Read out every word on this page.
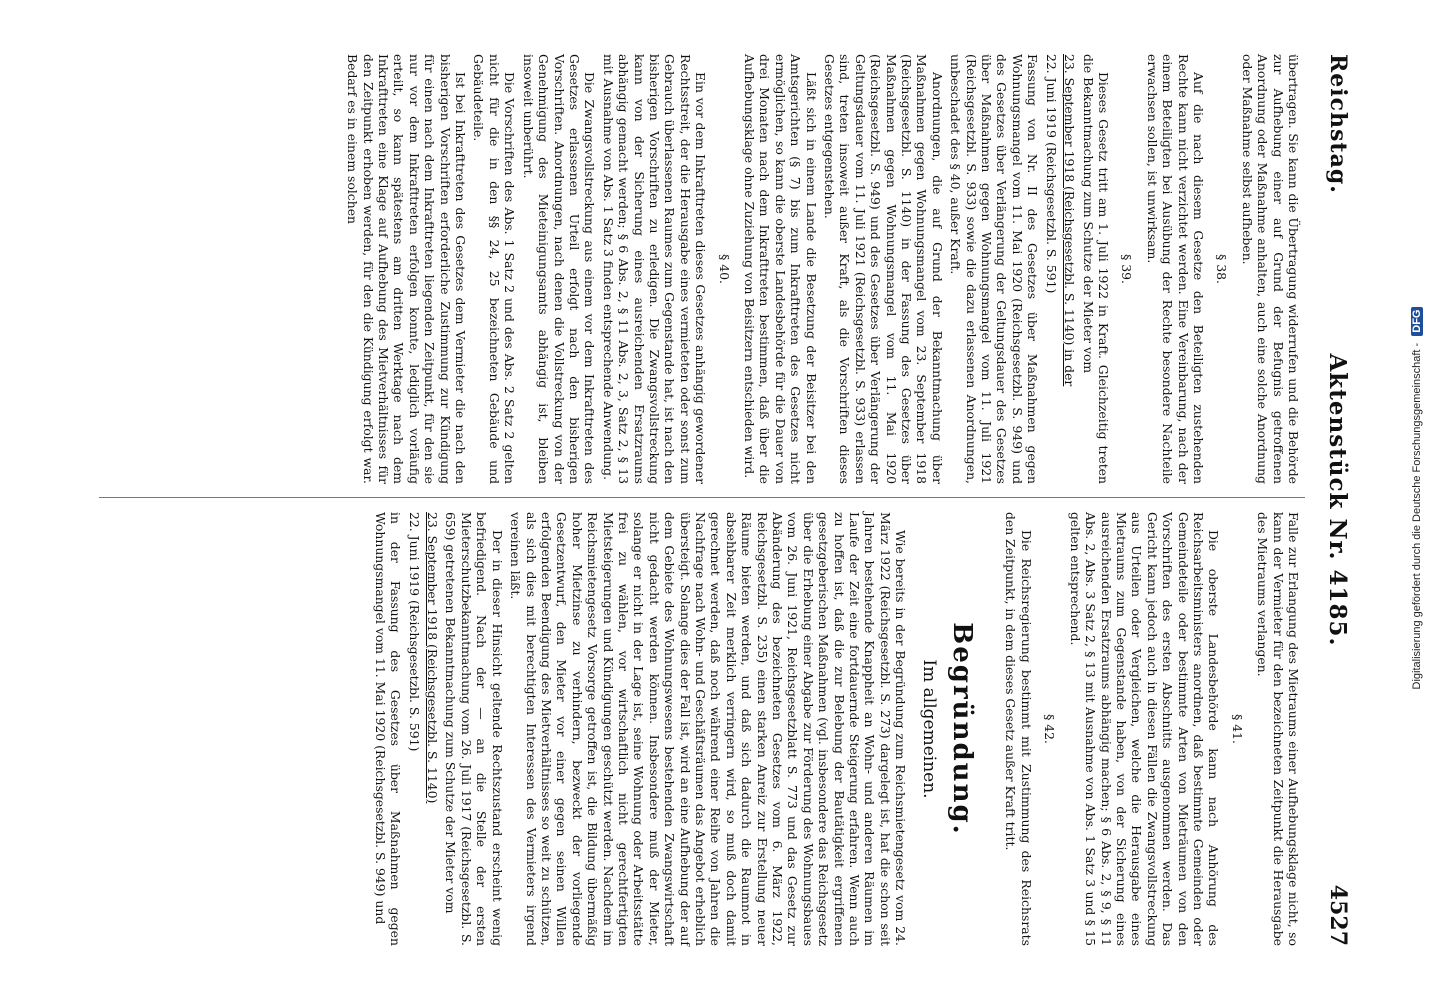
Reichstag.
Aktenstück Nr. 4185.
4527

übertragen. Sie kann die Übertragung widerrufen und die Behörde zur Aufhebung einer auf Grund der Befugnis getroffenen Anordnung oder Maßnahme anhalten, auch eine solche Anordnung oder Maßnahme selbst aufheben.

§ 38.

Auf die nach diesem Gesetze den Beteiligten zustehenden Rechte kann nicht verzichtet werden. Eine Vereinbarung, nach der einem Beteiligten bei Ausübung der Rechte besondere Nachteile erwachsen sollen, ist unwirksam.

§ 39.

Dieses Gesetz tritt am 1. Juli 1922 in Kraft. Gleichzeitig treten die Bekanntmachung zum Schutze der Mieter vom

23. September 1918 (Reichsgesetzbl. S. 1140) in der

22. Juni 1919 (Reichsgesetzbl. S. 591)

Fassung von Nr. II des Gesetzes über Maßnahmen gegen Wohnungsmangel vom 11. Mai 1920 (Reichsgesetzbl. S. 949) und des Gesetzes über Verlängerung der Geltungsdauer des Gesetzes über Maßnahmen gegen Wohnungsmangel vom 11. Juli 1921 (Reichsgesetzbl. S. 933) sowie die dazu erlassenen Anordnungen, unbeschadet des § 40, außer Kraft.

Anordnungen, die auf Grund der Bekanntmachung über Maßnahmen gegen Wohnungsmangel vom 23. September 1918 (Reichsgesetzbl. S. 1140) in der Fassung des Gesetzes über Maßnahmen gegen Wohnungsmangel vom 11. Mai 1920 (Reichsgesetzbl. S. 949) und des Gesetzes über Verlängerung der Geltungsdauer vom 11. Juli 1921 (Reichsgesetzbl. S. 933) erlassen sind, treten insoweit außer Kraft, als die Vorschriften dieses Gesetzes entgegenstehen.

Läßt sich in einem Lande die Besetzung der Beisitzer bei den Amtsgerichten (§ 7) bis zum Inkrafttreten des Gesetzes nicht ermöglichen, so kann die oberste Landesbehörde für die Dauer von drei Monaten nach dem Inkrafttreten bestimmen, daß über die Aufhebungsklage ohne Zuziehung von Beisitzern entschieden wird.

§ 40.

Ein vor dem Inkrafttreten dieses Gesetzes anhängig gewordener Rechtsstreit, der die Herausgabe eines vermieteten oder sonst zum Gebrauch überlassenen Raumes zum Gegenstande hat, ist nach den bisherigen Vorschriften zu erledigen. Die Zwangsvollstreckung kann von der Sicherung eines ausreichenden Ersatzraums abhängig gemacht werden; § 6 Abs. 2, § 11 Abs. 2, 3, Satz 2, § 13 mit Ausnahme von Abs. 1 Satz 3 finden entsprechende Anwendung.

Die Zwangsvollstreckung aus einem vor dem Inkrafttreten des Gesetzes erlassenen Urteil erfolgt nach den bisherigen Vorschriften. Anordnungen, nach denen die Vollstreckung von der Genehmigung des Mieteinigungsamts abhängig ist, bleiben insoweit unberührt.

Die Vorschriften des Abs. 1 Satz 2 und des Abs. 2 Satz 2 gelten nicht für die in den §§ 24, 25 bezeichneten Gebäude und Gebäudeteile.

Ist bei Inkrafttreten des Gesetzes dem Vermieter die nach den bisherigen Vorschriften erforderliche Zustimmung zur Kündigung für einen nach dem Inkrafttreten liegenden Zeitpunkt, für den sie nur vor dem Inkrafttreten erfolgen konnte, lediglich vorläufig erteilt, so kann spätestens am dritten Werktage nach dem Inkrafttreten eine Klage auf Aufhebung des Mietverhältnisses für den Zeitpunkt erhoben werden, für den die Kündigung erfolgt war. Bedarf es in einem solchen

Falle zur Erlangung des Mietraums einer Aufhebungsklage nicht, so kann der Vermieter für den bezeichneten Zeitpunkt die Herausgabe des Mietraums verlangen.

§ 41.

Die oberste Landesbehörde kann nach Anhörung des Reichsarbeitsministers anordnen, daß bestimmte Gemeinden oder Gemeindeteile oder bestimmte Arten von Mieträumen von den Vorschriften des ersten Abschnitts ausgenommen werden. Das Gericht kann jedoch auch in diesen Fällen die Zwangsvollstreckung aus Urteilen oder Vergleichen, welche die Herausgabe eines Mietraums zum Gegenstande haben, von der Sicherung eines ausreichenden Ersatzraums abhängig machen; § 6 Abs. 2, § 9, § 11 Abs. 2, Abs. 3 Satz 2, § 13 mit Ausnahme von Abs. 1 Satz 3 und § 15 gelten entsprechend.

§ 42.

Die Reichsregierung bestimmt mit Zustimmung des Reichsrats den Zeitpunkt, in dem dieses Gesetz außer Kraft tritt.

Begründung.
Im allgemeinen.

Wie bereits in der Begründung zum Reichsmietengesetz vom 24. März 1922 (Reichsgesetzbl. S. 273) dargelegt ist, hat die schon seit Jahren bestehende Knappheit an Wohn- und anderen Räumen im Laufe der Zeit eine fortdauernde Steigerung erfahren. Wenn auch zu hoffen ist, daß die zur Belebung der Bautätigkeit ergriffenen gesetzgeberischen Maßnahmen (vgl. insbesondere das Reichsgesetz über die Erhebung einer Abgabe zur Förderung des Wohnungsbaues vom 26. Juni 1921, Reichsgesetzblatt S. 773 und das Gesetz zur Abänderung des bezeichneten Gesetzes vom 6. März 1922, Reichsgesetzbl. S. 235) einen starken Anreiz zur Erstellung neuer Räume bieten werden, und daß sich dadurch die Raumnot in absehbarer Zeit merklich verringern wird, so muß doch damit gerechnet werden, daß noch während einer Reihe von Jahren die Nachfrage nach Wohn- und Geschäftsräumen das Angebot erheblich übersteigt. Solange dies der Fall ist, wird an eine Aufhebung der auf dem Gebiete des Wohnungswesens bestehenden Zwangswirtschaft nicht gedacht werden können. Insbesondere muß der Mieter, solange er nicht in der Lage ist, seine Wohnung oder Arbeitsstätte frei zu wählen, vor wirtschaftlich nicht gerechtfertigten Mietsteigerungen und Kündigungen geschützt werden. Nachdem im Reichsmietengesetz Vorsorge getroffen ist, die Bildung übermäßig hoher Mietzinse zu verhindern, bezweckt der vorliegende Gesetzentwurf, den Mieter vor einer gegen seinen Willen erfolgenden Beendigung des Mietverhältnisses so weit zu schützen, als sich dies mit berechtigten Interessen des Vermieters irgend vereinen läßt.

Der in dieser Hinsicht geltende Rechtszustand erscheint wenig befriedigend. Nach der — an die Stelle der ersten Mieterschutzbekanntmachung vom 26. Juli 1917 (Reichsgesetzbl. S. 659) getretenen Bekanntmachung zum Schutze der Mieter vom

23. September 1918 (Reichsgesetzbl. S. 1140)

22. Juni 1919 (Reichsgesetzbl. S. 591)

in der Fassung des Gesetzes über Maßnahmen gegen Wohnungsmangel vom 11. Mai 1920 (Reichsgesetzbl. S. 949) und	Digitalisierung gefördert durch die Deutsche Forschungsgemeinschaft - DFG
